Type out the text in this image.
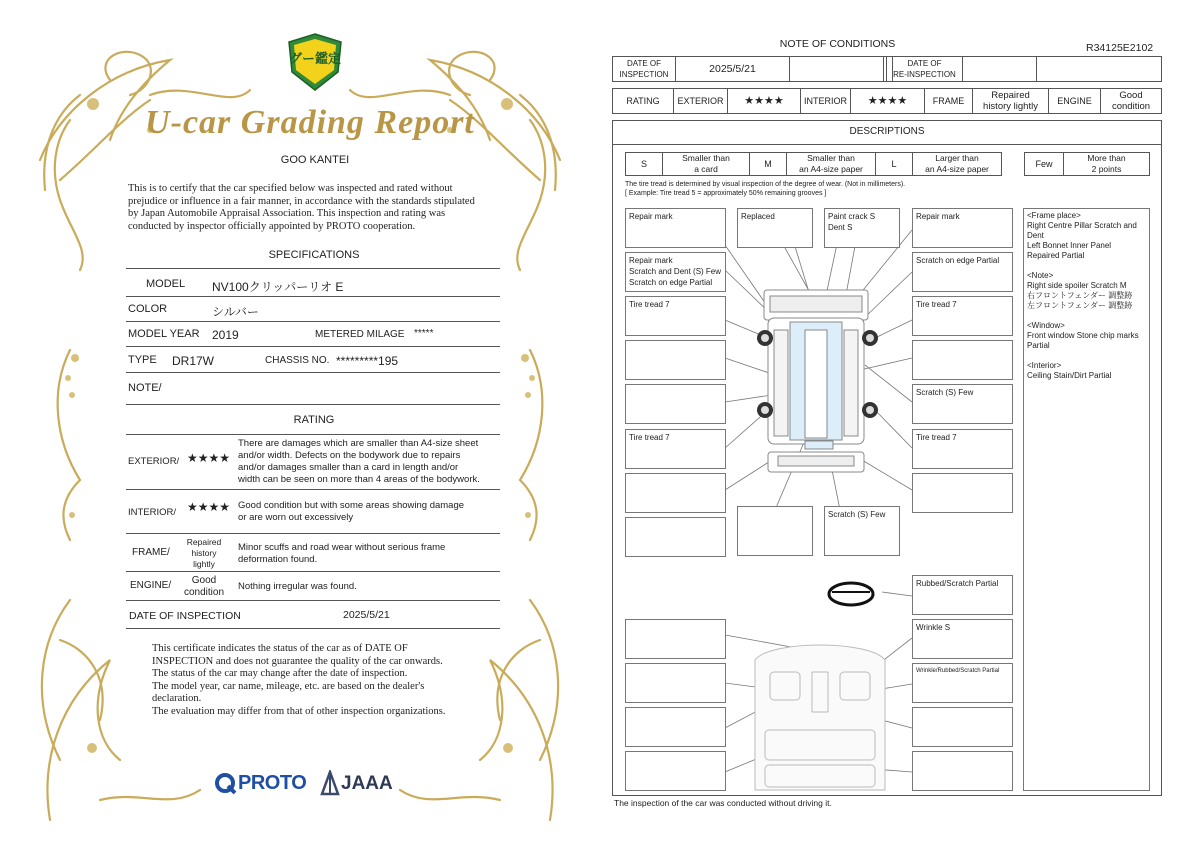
グー鑑定
U-car Grading Report
GOO KANTEI
This is to certify that the car specified below was inspected and rated without
prejudice or influence in a fair manner, in accordance with the standards stipulated
by Japan Automobile Appraisal Association. This inspection and rating was
conducted by inspector officially appointed by PROTO cooperation.
SPECIFICATIONS
MODEL NV100クリッパーリオ E
COLOR	シルバー
MODEL YEAR 2019	METERED MILAGE *****
TYPE DR17W	CHASSIS NO. *********195
NOTE/
RATING
EXTERIOR/ ★★★★
There are damages which are smaller than A4-size sheet
and/or width. Defects on the bodywork due to repairs
and/or damages smaller than a card in length and/or
width can be seen on more than 4 areas of the bodywork.
INTERIOR/ ★★★★ Good condition but with some areas showing damage
or are worn out excessively
FRAME/
Repaired
history
lightly
Minor scuffs and road wear without serious frame
deformation found.
ENGINE/	Good
condition
Nothing irregular was found.
DATE OF INSPECTION	2025/5/21
This certificate indicates the status of the car as of DATE OF
INSPECTION and does not guarantee the quality of the car onwards.
The status of the car may change after the date of inspection.
The model year, car name, mileage, etc. are based on the dealer's
declaration.
The evaluation may differ from that of other inspection organizations.
PROTO JAAA
NOTE OF CONDITIONS	R34125E2102
DATE OF
INSPECTION	2025/5/21	DATE OF
RE-INSPECTION
RATING	EXTERIOR	★★★★	INTERIOR	★★★★	FRAME	Repaired
history lightly
ENGINE	Good
condition
DESCRIPTIONS
S
Smaller than
a card
M
Smaller than
an A4-size paper
L
Larger than
an A4-size paper
Few
More than
2 points
The tire tread is determined by visual inspection of the degree of wear. (Not in millimeters).
[ Example: Tire tread 5 = approximately 50% remaining grooves ]
Repair mark
Repair mark
Scratch and Dent (S) Few
Scratch on edge Partial
Tire tread 7
Tire tread 7
Replaced	Paint crack S
Dent S
Repair mark
Scratch on edge Partial
Tire tread 7
Scratch (S) Few
Tire tread 7
Scratch (S) Few
Rubbed/Scratch Partial
Wrinkle S
Wrinkle/Rubbed/Scratch Partial
<Frame place>
Right Centre Pillar Scratch and
Dent
Left Bonnet Inner Panel
Repaired Partial
<Note>
Right side spoiler Scratch M
右フロントフェンダー 調整跡
左フロントフェンダー 調整跡
<Window>
Front window Stone chip marks
Partial
<Interior>
Ceiling Stain/Dirt Partial
The inspection of the car was conducted without driving it.
